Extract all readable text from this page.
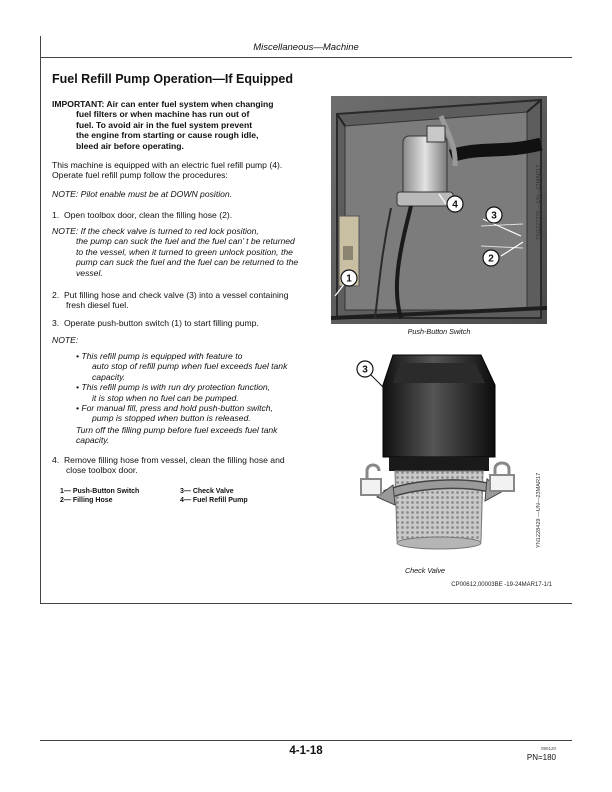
Miscellaneous—Machine
Fuel Refill Pump Operation—If Equipped
IMPORTANT: Air can enter fuel system when changing
fuel filters or when machine has run out of
fuel. To avoid air in the fuel system prevent
the engine from starting or cause rough idle,
bleed air before operating.
This machine is equipped with an electric fuel refill pump (4). Operate fuel refill pump follow the procedures:
NOTE: Pilot enable must be at DOWN position.
1. Open toolbox door, clean the filling hose (2).
NOTE: If the check valve is turned to red lock position,
the pump can suck the fuel and the fuel can’ t be returned to the vessel, when it turned to green unlock position, the pump can suck the fuel and the fuel can be returned to the vessel.
2. Put filling hose and check valve (3) into a vessel containing fresh diesel fuel.
3. Operate push-button switch (1) to start filling pump.
NOTE:
• This refill pump is equipped with feature to
auto stop of refill pump when fuel exceeds fuel tank capacity.
• This refill pump is with run dry protection function,
it is stop when no fuel can be pumped.
• For manual fill, press and hold push-button switch,
pump is stopped when button is released.
Turn off the filling pump before fuel exceeds fuel tank capacity.
4. Remove filling hose from vessel, clean the filling hose and close toolbox door.
1— Push-Button Switch
2— Filling Hose
3— Check Valve
4— Fuel Refill Pump
1
4
3
2
YN1227270 —UN—23MAR17
Push-Button Switch
3
YN1228429 —UN—23MAR17
Check Valve
CP00612,00003BE -19-24MAR17-1/1
4-1-18	090120
PN=180
